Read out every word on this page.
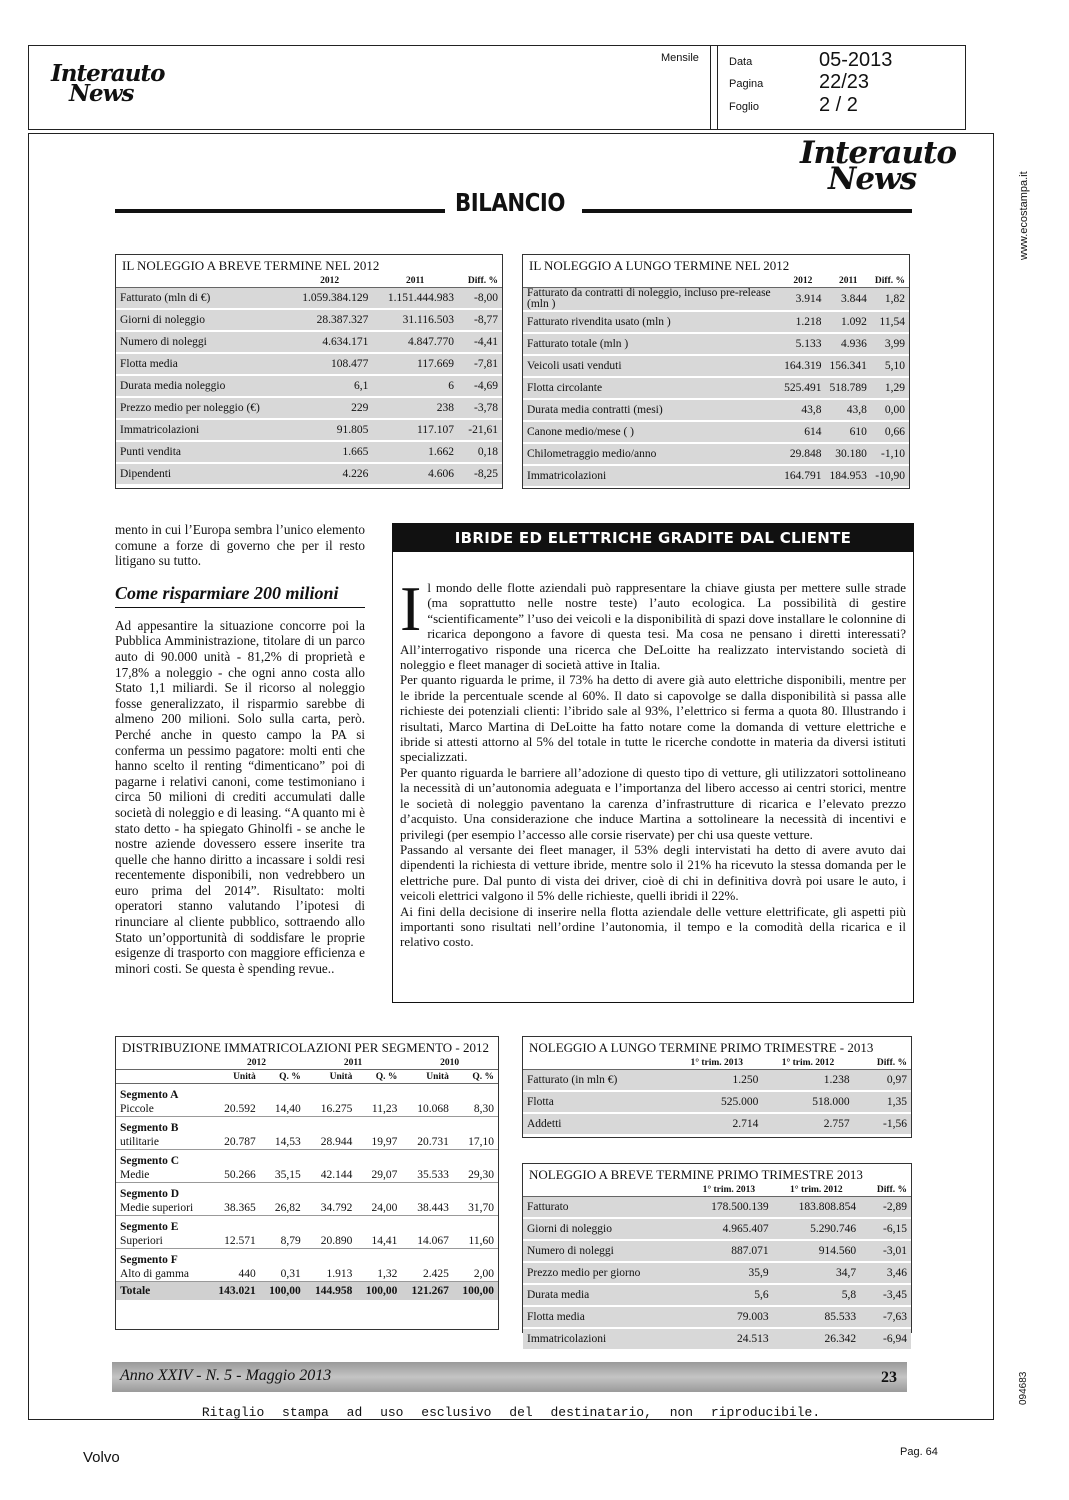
Interauto
News
Mensile	Data	05-2013
Pagina	22/23
Foglio	2 / 2
www.ecostampa.it
094683
Interauto
News
BILANCIO
IL NOLEGGIO A BREVE TERMINE NEL 2012
	2012	2011	Diff. %
Fatturato (mln di €)	1.059.384.129	1.151.444.983	-8,00
Giorni di noleggio	28.387.327	31.116.503	-8,77
Numero di noleggi	4.634.171	4.847.770	-4,41
Flotta media	108.477	117.669	-7,81
Durata media noleggio	6,1	6	-4,69
Prezzo medio per noleggio (€)	229	238	-3,78
Immatricolazioni	91.805	117.107	-21,61
Punti vendita	1.665	1.662	0,18
Dipendenti	4.226	4.606	-8,25
IL NOLEGGIO A LUNGO TERMINE NEL 2012
	2012	2011	Diff. %
Fatturato da contratti di noleggio, incluso pre-release (mln )	3.914	3.844	1,82
Fatturato rivendita usato (mln )	1.218	1.092	11,54
Fatturato totale (mln )	5.133	4.936	3,99
Veicoli usati venduti	164.319	156.341	5,10
Flotta circolante	525.491	518.789	1,29
Durata media contratti (mesi)	43,8	43,8	0,00
Canone medio/mese ( )	614	610	0,66
Chilometraggio medio/anno	29.848	30.180	-1,10
Immatricolazioni	164.791	184.953	-10,90

mento in cui l’Europa sembra l’unico elemento comune a forze di governo che per il resto litigano su tutto.

Come risparmiare 200 milioni

Ad appesantire la situazione concorre poi la Pubblica Amministrazione, titolare di un parco auto di 90.000 unità - 81,2% di proprietà e 17,8% a noleggio - che ogni anno costa allo Stato 1,1 miliardi. Se il ricorso al noleggio fosse generalizzato, il risparmio sarebbe di almeno 200 milioni. Solo sulla carta, però. Perché anche in questo campo la PA si conferma un pessimo pagatore: molti enti che hanno scelto il renting “dimenticano” poi di pagarne i relativi canoni, come testimoniano i circa 50 milioni di crediti accumulati dalle società di noleggio e di leasing. “A quanto mi è stato detto - ha spiegato Ghinolfi - se anche le nostre aziende dovessero essere inserite tra quelle che hanno diritto a incassare i soldi resi recentemente disponibili, non vedrebbero un euro prima del 2014”. Risultato: molti operatori stanno valutando l’ipotesi di rinunciare al cliente pubblico, sottraendo allo Stato un’opportunità di soddisfare le proprie esigenze di trasporto con maggiore efficienza e minori costi. Se questa è spending revue..

IBRIDE ED ELETTRICHE GRADITE DAL CLIENTE
I l mondo delle flotte aziendali può rappresentare la chiave giusta per mettere sulle strade (ma soprattutto nelle nostre teste) l’auto ecologica. La possibilità di gestire “scientificamente” l’uso dei veicoli e la disponibilità di spazi dove installare le colonnine di ricarica depongono a favore di questa tesi. Ma cosa ne pensano i diretti interessati? All’interrogativo risponde una ricerca che DeLoitte ha realizzato intervistando società di noleggio e fleet manager di società attive in Italia.

Per quanto riguarda le prime, il 73% ha detto di avere già auto elettriche disponibili, mentre per le ibride la percentuale scende al 60%. Il dato si capovolge se dalla disponibilità si passa alle richieste dei potenziali clienti: l’ibrido sale al 93%, l’elettrico si ferma a quota 80. Illustrando i risultati, Marco Martina di DeLoitte ha fatto notare come la domanda di vetture elettriche e ibride si attesti attorno al 5% del totale in tutte le ricerche condotte in materia da diversi istituti specializzati.

Per quanto riguarda le barriere all’adozione di questo tipo di vetture, gli utilizzatori sottolineano la necessità di un’autonomia adeguata e l’importanza del libero accesso ai centri storici, mentre le società di noleggio paventano la carenza d’infrastrutture di ricarica e l’elevato prezzo d’acquisto. Una considerazione che induce Martina a sottolineare la necessità di incentivi e privilegi (per esempio l’accesso alle corsie riservate) per chi usa queste vetture.

Passando al versante dei fleet manager, il 53% degli intervistati ha detto di avere avuto dai dipendenti la richiesta di vetture ibride, mentre solo il 21% ha ricevuto la stessa domanda per le elettriche pure. Dal punto di vista dei driver, cioè di chi in definitiva dovrà poi usare le auto, i veicoli elettrici valgono il 5% delle richieste, quelli ibridi il 22%.

Ai fini della decisione di inserire nella flotta aziendale delle vetture elettrificate, gli aspetti più importanti sono risultati nell’ordine l’autonomia, il tempo e la comodità della ricarica e il relativo costo.

DISTRIBUZIONE IMMATRICOLAZIONI PER SEGMENTO - 2012
	2012		2011		2010	
	Unità	Q. %	Unità	Q. %	Unità	Q. %
Segmento A						
Piccole	20.592	14,40	16.275	11,23	10.068	8,30
Segmento B						
utilitarie	20.787	14,53	28.944	19,97	20.731	17,10
Segmento C						
Medie	50.266	35,15	42.144	29,07	35.533	29,30
Segmento D						
Medie superiori	38.365	26,82	34.792	24,00	38.443	31,70
Segmento E						
Superiori	12.571	8,79	20.890	14,41	14.067	11,60
Segmento F						
Alto di gamma	440	0,31	1.913	1,32	2.425	2,00
Totale	143.021	100,00	144.958	100,00	121.267	100,00
NOLEGGIO A LUNGO TERMINE PRIMO TRIMESTRE - 2013
	1° trim. 2013	1° trim. 2012	Diff. %
Fatturato (in mln €)	1.250	1.238	0,97
Flotta	525.000	518.000	1,35
Addetti	2.714	2.757	-1,56
NOLEGGIO A BREVE TERMINE PRIMO TRIMESTRE 2013
	1° trim. 2013	1° trim. 2012	Diff. %
Fatturato	178.500.139	183.808.854	-2,89
Giorni di noleggio	4.965.407	5.290.746	-6,15
Numero di noleggi	887.071	914.560	-3,01
Prezzo medio per giorno	35,9	34,7	3,46
Durata media	5,6	5,8	-3,45
Flotta media	79.003	85.533	-7,63
Immatricolazioni	24.513	26.342	-6,94
Anno XXIV - N. 5 - Maggio 2013	23
Ritaglio stampa ad uso esclusivo del destinatario, non riproducibile.
Volvo	Pag. 64
